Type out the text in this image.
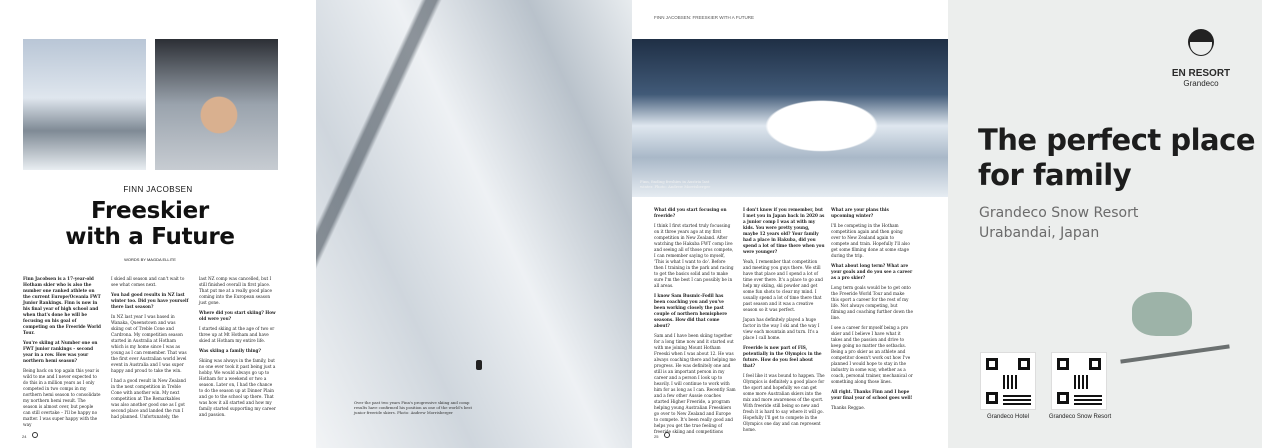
FINN JACOBSEN
Freeskier
with a Future
WORDS BY MAGDA ELLITE

Finn Jacobsen is a 17-year-old Hotham skier who is also the number one ranked athlete on the current Europe/Oceania FWT Junior Rankings. Finn is now in his final year of high school and when that's done he will be focusing on his goal of competing on the Freeride World Tour.

You're skiing at Number one on FWT junior rankings – second year in a row. How was your northern hemi season?

Being back on top again this year is wild to me and I never expected to do this in a million years as I only competed in two comps in my northern hemi season to consolidate my northern hemi result. The season is almost over, but people can still overtake – I'll be happy no matter. I was super happy with the way

I skied all season and can't wait to see what comes next.

You had good results in NZ last winter too. Did you have yourself there last season?

In NZ last year I was based in Wanaka, Queenstown and was skiing out of Treble Cone and Cardrona. My competition season started in Australia at Hotham which is my home since I was as young as I can remember. That was the first ever Australian world level event in Australia and I was super happy and proud to take the win.

I had a good result in New Zealand in the next competition in Treble Cone with another win. My next competition at The Remarkables was also another good one as I got second place and landed the run I had planned. Unfortunately, the

last NZ comp was cancelled, but I still finished overall in first place. That put me at a really good place coming into the European season just gone.

Where did you start skiing? How old were you?

I started skiing at the age of two or three up at Mt Hotham and have skied at Hotham my entire life.

Was skiing a family thing?

Skiing was always in the family, but no one ever took it past being just a hobby. We would always go up to Hotham for a weekend or two a season. Later on, I had the chance to do the season up at Dinner Plain and go to the school up there. That was how it all started and how my family started supporting my career and passion.

24
Over the past two years Finn's progressive skiing and comp results have confirmed his position as one of the world's best junior freeride skiers. Photo: Andrew Morrisberger
FINN JACOBSEN: FREESKIER WITH A FUTURE
Finn, finding freshies in Austria last winter. Photo: Andrew Morrisberger

What did you start focusing on freeride?

I think I first started truly focussing on it three years ago at my first competition in New Zealand. After watching the Hakuba FWT comp live and seeing all of those pros compete, I can remember saying to myself, 'This is what I want to do'. Before then I training in the park and racing to get the basics solid and to make sure I'm the best I can possibly be in all areas.

I know Sam Busmic-Fodil has been coaching you and you've been working closely the past couple of northern hemisphere seasons. How did that come about?

Sam and I have been skiing together for a long time now and it started out with me joining Mount Hotham Freeski when I was about 12. He was always coaching there and helping me progress. He was definitely one and still is an important person in my career and a person I look up to heavily. I will continue to work with him for as long as I can. Recently Sam and a few other Aussie coaches started Higher Freeride, a program helping young Australian Freeskiers go over to New Zealand and Europe to compete. It's been really good and helps you get the true feeling of freeride skiing and competitions

I don't know if you remember, but I met you in Japan back in 2020 as a junior comp I was at with my kids. You were pretty young, maybe 12 years old? Your family had a place in Hakuba, did you spend a lot of time there when you were younger?

Yeah, I remember that competition and meeting you guys there. We still have that place and I spend a lot of time over there. It's a place to go and help my skiing, ski powder and get some fun shots to clear my mind. I usually spend a lot of time there that past season and it was a creative season so it was perfect.

Japan has definitely played a huge factor in the way I ski and the way I view each mountain and turn. It's a place I call home.

Freeride is now part of FIS, potentially in the Olympics in the future. How do you feel about that?

I feel like it was bound to happen. The Olympics is definitely a good place for the sport and hopefully we can get some more Australian skiers into the mix and more awareness of the sport. With freeride still being so new and fresh it is hard to say where it will go. Hopefully I'll get to compete in the Olympics one day and can represent home.

What are your plans this upcoming winter?

I'll be competing in the Hotham competition again and then going over to New Zealand again to compete and train. Hopefully I'll also get some filming done at some stage during the trip.

What about long term? What are your goals and do you see a career as a pro skier?

Long term goals would be to get onto the Freeride World Tour and make this sport a career for the rest of my life. Not always competing, but filming and coaching further down the line.

I see a career for myself being a pro skier and I believe I have what it takes and the passion and drive to keep going no matter the setbacks. Being a pro skier as an athlete and competitor doesn't work out how I've planned I would hope to stay in the industry in some way, whether as a coach, personal trainer, mechanical or something along those lines.

All right. Thanks Finn and I hope your final year of school goes well!

Thanks Reggae.

25
EN RESORT
Grandeco
The perfect place
for family
Grandeco Snow Resort
Urabandai, Japan
Grandeco Hotel	Grandeco Snow Resort
